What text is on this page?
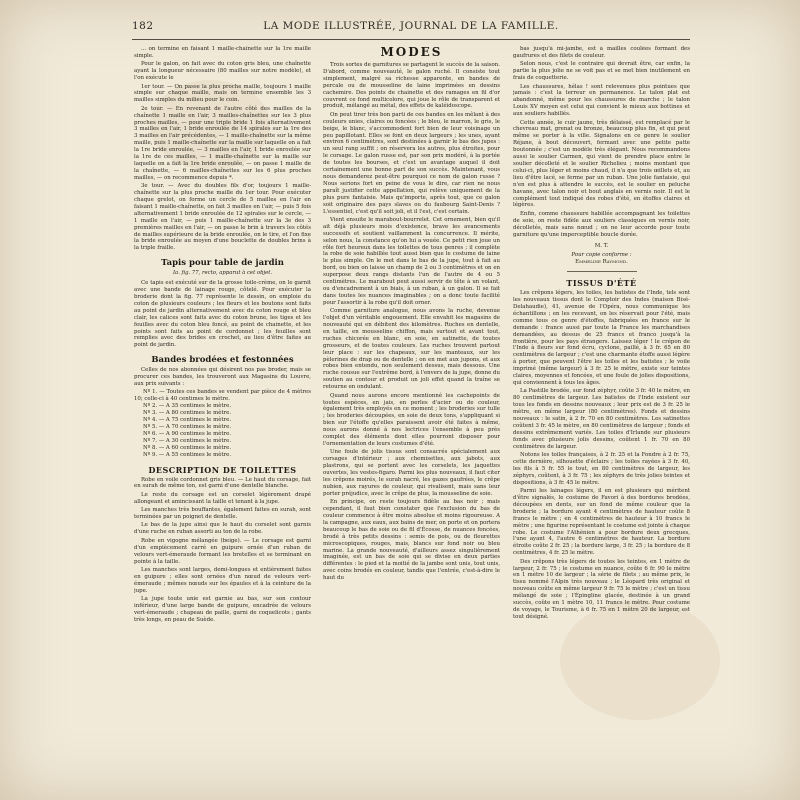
182	LA MODE ILLUSTRÉE, JOURNAL DE LA FAMILLE.

... on termine en faisant 1 maille-chaînette sur la 1re maille simple.

Pour le galon, on fait avec du coton gris bleu, une chaînette ayant la longueur nécessaire (80 mailles sur notre modèle), et l'on exécute le

1er tour. — On passe la plus proche maille, toujours 1 maille simple sur chaque maille, mais on termine ensemble les 3 mailles simples du milieu pour le coin.

2e tour. — En revenant de l'autre côté des mailles de la chaînette 1 maille en l'air, 3 mailles-chaînettes sur les 3 plus proches mailles, — pour une triple bride 1 fois alternativement 3 mailles en l'air, 1 bride enroulée de 14 spirales sur la 1re des 3 mailles en l'air précédentes, — 1 maille-chaînette sur la même maille, puis 1 maille-chaînette sur la maille sur laquelle on a fait la 1re bride enroulée, — 3 mailles en l'air, 1 bride enroulée sur la 1re de ces mailles, — 1 maille-chaînette sur la maille sur laquelle on a fait la 1re bride enroulée, — on passe 1 maille de la chaînette, — 6 mailles-chaînettes sur les 6 plus proches mailles, — on recommence depuis *.

3e tour. — Avec du doubles fils d'or, toujours 1 maille-chaînette sur la plus proche maille du 1er tour. Pour exécuter chaque grelot, on forme un cercle de 5 mailles en l'air en faisant 1 maille-chaînette, on fait 3 mailles en l'air, — puis 5 fois alternativement 1 bride enroulée de 12 spirales sur le cercle, — 1 maille en l'air, — puis 1 maille-chaînette sur la 3e des 3 premières mailles en l'air, — on passe le brin à travers les côtés de mailles supérieure de la bride enroulée, on le tire, et l'on fixe la bride enroulée au moyen d'une bouclette de doubles brins à la triple fraille.

Tapis pour table de jardin
Ia. fig. 77, recto, apparut à cet objet.

Ce tapis est exécuté sur de la grosse toile-crème, on le garnit avec une bande de lainage rouge, côtelé. Pour exécuter la broderie dont la fig. 77 représente le dessin, on emploie du coton de plusieurs couleurs ; les fleurs et les boutons sont faits au point de jardin alternativement avec du coton rouge et bleu clair, les calices sont faits avec du coton brune, les tiges et les feuilles avec du coton bleu foncé, au point de chainette, et les points sont faits au point de cordonnet ; les feuilles sont remplies avec des brides en crochet, au lieu d'être faites au point de jardin.

Bandes brodées et festonnées

Celles de nos abonnées qui désirent nos pas broder, mais se procurer ces bandes, les trouveront aux Magasins du Louvre, aux prix suivants :

Nº 1. — Toutes ces bandes se vendent par pièce de 4 mètres 10; celle-ci à 40 centimes le mètre.
Nº 2. — A 35 centimes le mètre.
Nº 3. — A 80 centimes le mètre.
Nº 4. — A 75 centimes le mètre.
Nº 5. — A 70 centimes le mètre.
Nº 6. — A 90 centimes le mètre.
Nº 7. — A 30 centimes le mètre.
Nº 8. — A 60 centimes le mètre.
Nº 9. — A 55 centimes le mètre.
DESCRIPTION DE TOILETTES

Robe en voile cordonnet gris bleu. — Le haut du corsage, fait en surah de même ton, est garni d'une dentelle blanche.

Le reste du corsage est un corselet légèrement drapé allongeant et amincissant la taille et tenant à la jupe.

Les manches très bouffantes, également faites en surah, sont terminées par un poignet de dentelle.

Le bas de la jupe ainsi que le haut du corselet sont garnis d'une ruche en ruban assorti au ton de la robe.

Robe en vigogne mélangée (beige). — Le corsage est garni d'un empiècement carré en guipure ornée d'un ruban de velours vert-émeraude formant les bretelles et se terminant en pointe à la taille.

Les manches sont larges, demi-longues et entièrement faites en guipure ; elles sont ornées d'un nœud de velours vert-émeraude ; mêmes nœuds sur les épaules et à la ceinture de la jupe.

La jupe toute unie est garnie au bas, sur son contour inférieur, d'une large bande de guipure, encadrée de velours vert-émeraude ; chapeau de paille, garni de coquelicots ; gants très longs, en peau de Suède.

MODES

Trois sortes de garnitures se partagent le succès de la saison. D'abord, comme nouveauté, le galon ruché. Il consiste tout simplement, malgré sa richesse apparente, en bandes de percale ou de mousseline de laine imprimées en dessins cachemire. Des points de chainette et des ramages en fil d'or couvrent ce fond multicolore, qui joue le rôle de transparent et produit, mélangé au métal, des effets de kaléidoscope.

On peut tirer très bon parti de ces bandes en les mêlant à des couleurs unies, claires ou foncées ; le bleu, le marron, le gris, le beige, le blanc, s'accommodent fort bien de leur voisinage un peu papillotant. Elles se font en deux largeurs ; les unes, ayant environ 6 centimètres, sont destinées à garnir le bas des jupes : un seul rang suffit ; on réservera les autres, plus étroites, pour le corsage. Le galon russe est, par son prix modéré, à la portée de toutes les bourses, et c'est un avantage auquel il doit certainement une bonne part de son succès. Maintenant, vous nous demanderez peut-être pourquoi ce nom de galon russe ? Nous serions fort en peine de vous le dire, car rien ne nous paraît justifier cette appellation, qui relève uniquement de la plus pure fantaisie. Mais qu'importe, après tout, que ce galon soit originaire des pays slaves ou du faubourg Saint-Denis ? L'essentiel, c'est qu'il soit joli, et il l'est, c'est certain.

Vient ensuite le marabout-bourrelet. Cet ornement, bien qu'il ait déjà plusieurs mois d'existence, brave les avancements successifs et soutient vaillamment la concurrence. Il mérite, selon nous, la constance qu'on lui a vouée. Ce petit rien joue un rôle fort heureux dans les toilettes de tous genres ; il complète la robe de soie habillée tout aussi bien que le costume de laine le plus simple. On le met dans le bas de la jupe, tout à fait au bord, ou bien on laisse un champ de 2 ou 3 centimètres et on en superpose deux rangs distants l'un de l'autre de 4 ou 5 centimètres. Le marabout peut aussi servir de tête à un volant, ou d'encadrement à un biais, à un ruban, à un galon. Il se fait dans toutes les nuances imaginables ; on a donc toute facilité pour l'assortir à la robe qu'il doit orner.

Comme garniture analogue, nous avons la ruche, devenue l'objet d'un véritable engouement. Elle envahit les magasins de nouveauté qui en débitent des kilomètres. Ruches en dentelle, en taille, en mousseline chiffon, mais surtout et avant tout, ruches chicorée en blanc, en soie, en satinette, de toutes grosseurs, et de toutes couleurs. Les ruches trouvent partout leur place : sur les chapeaux, sur les manteaux, sur les pèlerines de drap ou de dentelle ; on en met aux jupons, et aux robes bien entendu, non seulement dessus, mais dessous. Une ruche cousue sur l'extrême bord, à l'envers de la jupe, donne du soutien au contour et produit un joli effet quand la traîne se retourne en ondulant.

Quand nous aurons encore mentionné les cachepoints de toutes espèces, en jais, en perles d'acier ou de couleur, également très employés en ce moment ; les broderies sur tulle ; les broderies découpées, en soie de deux tons, s'appliquant si bien sur l'étoffe qu'elles paraissent avoir été faites à même, nous aurons donné à nos lectrices l'ensemble à peu près complet des éléments dont elles pourront disposer pour l'ornementation de leurs costumes d'été.

Une foule de jolis tissus sont consacrés spécialement aux corsages d'intérieur ; aux chemisettes, aux jabots, aux plastrons, qui se portent avec les corselets, les jaquettes ouvertes, les vestes-figaro. Parmi les plus nouveaux, il faut citer les crêpons moirés, le surah nacré, les gazes gaufrées, le crêpe nubien, aux rayures de couleur, qui rivalisent, mais sans leur porter préjudice, avec le crêpe de plus, la mousseline de soie.

En principe, on reste toujours fidèle au bas noir ; mais cependant, il faut bien constater que l'exclusion du bas de couleur commence à être moins absolue et moins rigoureuse. A la campagne, aux eaux, aux bains de mer, on porte et on portera beaucoup le bas de soie ou de fil d'Écosse, de nuances foncées, brodé à très petits dessins : semis de pois, ou de fleurettes microscopiques, rouges, mais, blancs sur fond noir ou bleu marine. La grande nouveauté, d'ailleurs assez singulièrement imaginée, est un bas de soie qui se divise en deux parties différentes : le pied et la moitié de la jambe sont unis, tout unis, avec coins brodés en couleur, tandis que l'entrée, c'est-à-dire le haut du

bas jusqu'à mi-jambe, est à mailles coulées formant des gaufrures et des filets de couleur.

Selon nous, c'est le contraire qui devrait être, car enfin, la partie la plus jolie ne se voit pas et se met bien inutilement en frais de coquetterie.

Les chaussures, hélas ! sont relevenues plus pointues que jamais : c'est la terreur en permanence. Le talon plat est abandonné, même pour les chaussures de marche ; le talon Louis XV moyen est celui qui convient le mieux aux bottines et aux souliers habillés.

Cette année, le cuir jaune, très délaissé, est remplacé par le chevreau mat, grenat ou bronze, beaucoup plus fin, et qui peut même se porter à la ville. Signalons en ce genre le soulier Réjane, à bout découvert, fermant avec une petite patte boutonnée ; c'est un modèle très élégant. Nous recommandons aussi le soulier Carmen, qui vient de prendre place entre le soulier décolleté et le soulier Richelieu ; moins montant que celui-ci, plus léger et moins chaud, il n'a que trois œillets et, au lieu d'être lacé, se ferme par un ruban. Une jolie fantaisie, qui n'en est plus à attendre le succès, est le soulier en peluche havane, avec talon noir et bout anglais en vernis noir. Il est le complément tout indiqué des robes d'été, en étoffes claires et légères.

Enfin, comme chaussure habillée accompagnant les toilettes de soie, on reste fidèle aux souliers classiques en vernis noir, décolletés, mais sans nœud ; on ne leur accorde pour toute garniture qu'une imperceptible boucle dorée.

M. T.
Pour copie conforme :
Emmeline Raymond.
TISSUS D'ÉTÉ

Les crêpons légers, les toiles, les batistes de l'Inde, tels sont les nouveaux tissus dont le Comptoir des Indes (maison Bisé-Delahaudie), 41, avenue de l'Opéra, nous communique les échantillons ; en les recevant, on les réservait pour l'été, mais comme tous ce genre d'étoffes, fabriquées en france sur le demande : france aussi par toute la France les marchandises demandées, au dessus de 25 francs et franco jusqu'à la frontière, pour les pays étrangers. Laissez léger ! le crépon de l'Inde à fleurs sur fond écru, cyclone, paillé, à 3 fr. 65 en 80 centimètres de largeur ; c'est une charmante étoffe aussi légère à porter, que peuvent l'être les toiles et les batistes ; le voile imprimé (même largeur) à 3 fr. 25 le mètre, existe sur teintes claires, moyennes et foncées, et une foule de jolies dispositions, qui conviennent à tous les âges.

La Pastille brodée, sur fond zéphyr, coûte 3 fr. 40 le mètre, en 80 centimètres de largeur. Les batistes de l'Inde existent sur tous les fonds en dessins nouveaux ; leur prix est de 3 fr. 25 le mètre, en même largeur (80 centimètres). Fonds et dessins nouveaux : le satin, à 2 fr. 70 en 80 centimètres. Les satinettes coûtent 3 fr. 45 le mètre, en 80 centimètres de largeur ; fonds et dessins extrêmement variés. Les toiles d'Irlande sur plusieurs fonds avec plusieurs jolis dessins, coûtent 1 fr. 70 en 80 centimètres de largeur.

Notons les toiles françaises, à 2 fr. 25 et la Fondre à 2 fr. 75, cette dernière, silhouette d'éclairs ; les toiles rayées à 3 fr. 40, les fils à 5 fr. 55 le tout, en 80 centimètres de largeur, les zéphyrs, coûtent, à 3 fr. 75 ; les zéphyrs de très jolies teintes et dispositions, à 3 fr. 45 le mètre.

Parmi les lainages légers, il en est plusieurs qui méritent d'être signalés, le costume de Favori à des bordures brodées, découpées en dents, sur un fond de même couleur que la broderie ; la bordure ayant 4 centimètres de hauteur coûte 8 francs le mètre ; en 4 centimètres de hauteur à 10 francs le mètre ; une figurine représentant le costume est jointe à chaque robe. Le costume l'Athénien a pour bordure deux grecques, l'une ayant 4, l'autre 6 centimètres de hauteur. La bordure étroite coûte 2 fr. 25 ; la bordure large, 3 fr. 25 ; la bordure de 8 centimètres, 4 fr. 25 le mètre.

Des crêpons très légers de toutes les teintes, en 1 mètre de largeur, 2 fr. 75 ; le costume en nuance, coûte 6 fr. 90 le mètre en 1 mètre 10 de largeur ; la série de filets ; au même prix, le tissu nommé l'Alpin très nouveau ; le Léopard très original et nouveau coûte en même largeur 9 fr. 75 le mètre ; c'est un tissu mélangé de soie ; l'Épingline glacée, destinée à un grand succès, coûte en 1 mètre 10, 11 francs le mètre. Pour costume de voyage, le Tourisme, à 6 fr. 75 en 1 mètre 20 de largeur, est tout désigné.
